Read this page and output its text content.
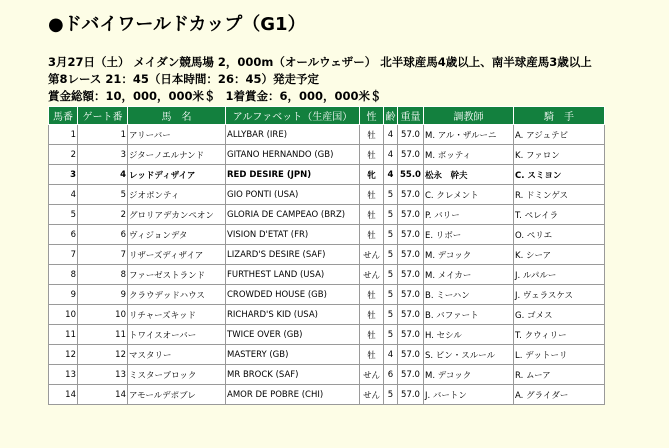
●ドバイワールドカップ（G1）
3月27日（土） メイダン競馬場 2，000m（オールウェザー） 北半球産馬4歳以上、南半球産馬3歳以上
第8レース 21：45（日本時間：26：45）発走予定
賞金総額：10，000，000米＄ 1着賞金：6，000，000米＄
馬番	ゲート番	馬　名	アルファベット（生産国）	性	齢	重量	調教師	騎　手
1	1	アリーバー	ALLYBAR (IRE)	牡	4	57.0	M. アル・ザルーニ	A. アジュテビ
2	3	ジターノエルナンド	GITANO HERNANDO (GB)	牡	4	57.0	M. ボッティ	K. ファロン
3	4	レッドディザイア	RED DESIRE (JPN)	牝	4	55.0	松永　幹夫	C. スミヨン
4	5	ジオポンティ	GIO PONTI (USA)	牡	5	57.0	C. クレメント	R. ドミンゲス
5	2	グロリアデカンペオン	GLORIA DE CAMPEAO (BRZ)	牡	5	57.0	P. バリー	T. ペレイラ
6	6	ヴィジョンデタ	VISION D'ETAT (FR)	牡	5	57.0	E. リボー	O. ペリエ
7	7	リザーズディザイア	LIZARD'S DESIRE (SAF)	せん	5	57.0	M. デコック	K. シーア
8	8	ファーゼストランド	FURTHEST LAND (USA)	せん	5	57.0	M. メイカー	J. ルパルー
9	9	クラウデッドハウス	CROWDED HOUSE (GB)	牡	5	57.0	B. ミーハン	J. ヴェラスケス
10	10	リチャーズキッド	RICHARD'S KID (USA)	牡	5	57.0	B. バファート	G. ゴメス
11	11	トワイスオーバー	TWICE OVER (GB)	牡	5	57.0	H. セシル	T. クウィリー
12	12	マスタリー	MASTERY (GB)	牡	4	57.0	S. ビン・スルール	L. デットーリ
13	13	ミスターブロック	MR BROCK (SAF)	せん	6	57.0	M. デコック	R. ムーア
14	14	アモールデポブレ	AMOR DE POBRE (CHI)	せん	5	57.0	J. バートン	A. グライダー
